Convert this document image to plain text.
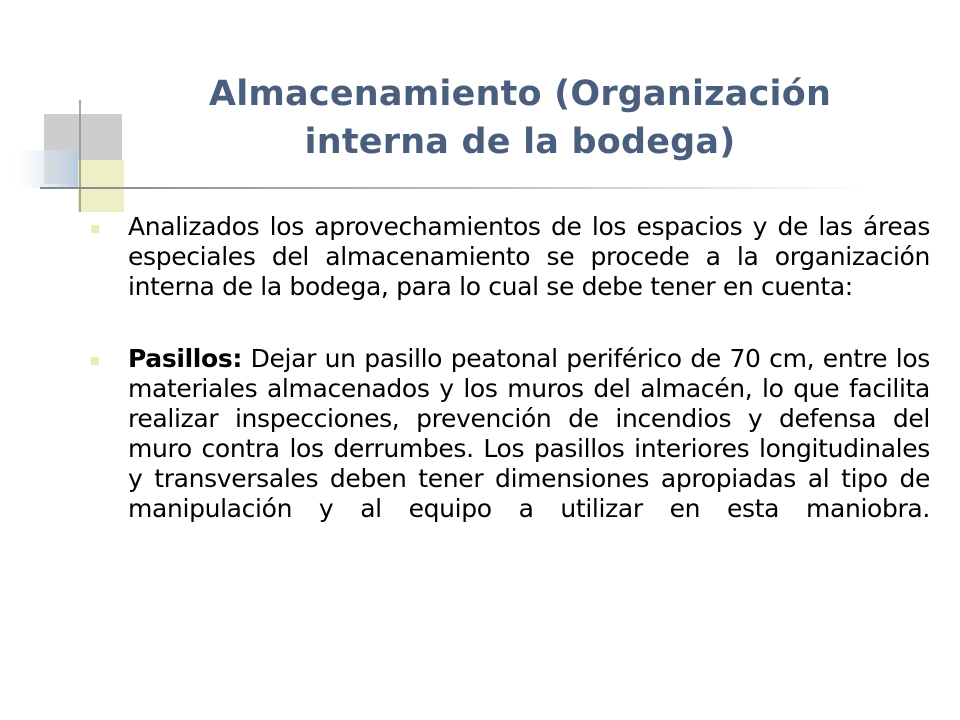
Almacenamiento (Organización interna de la bodega)
Analizados los aprovechamientos de los espacios y de las áreas especiales del almacenamiento se procede a la organización interna de la bodega, para lo cual se debe tener en cuenta:
Pasillos: Dejar un pasillo peatonal periférico de 70 cm, entre los materiales almacenados y los muros del almacén, lo que facilita realizar inspecciones, prevención de incendios y defensa del muro contra los derrumbes. Los pasillos interiores longitudinales y transversales deben tener dimensiones apropiadas al tipo de manipulación y al equipo a utilizar en esta maniobra.
